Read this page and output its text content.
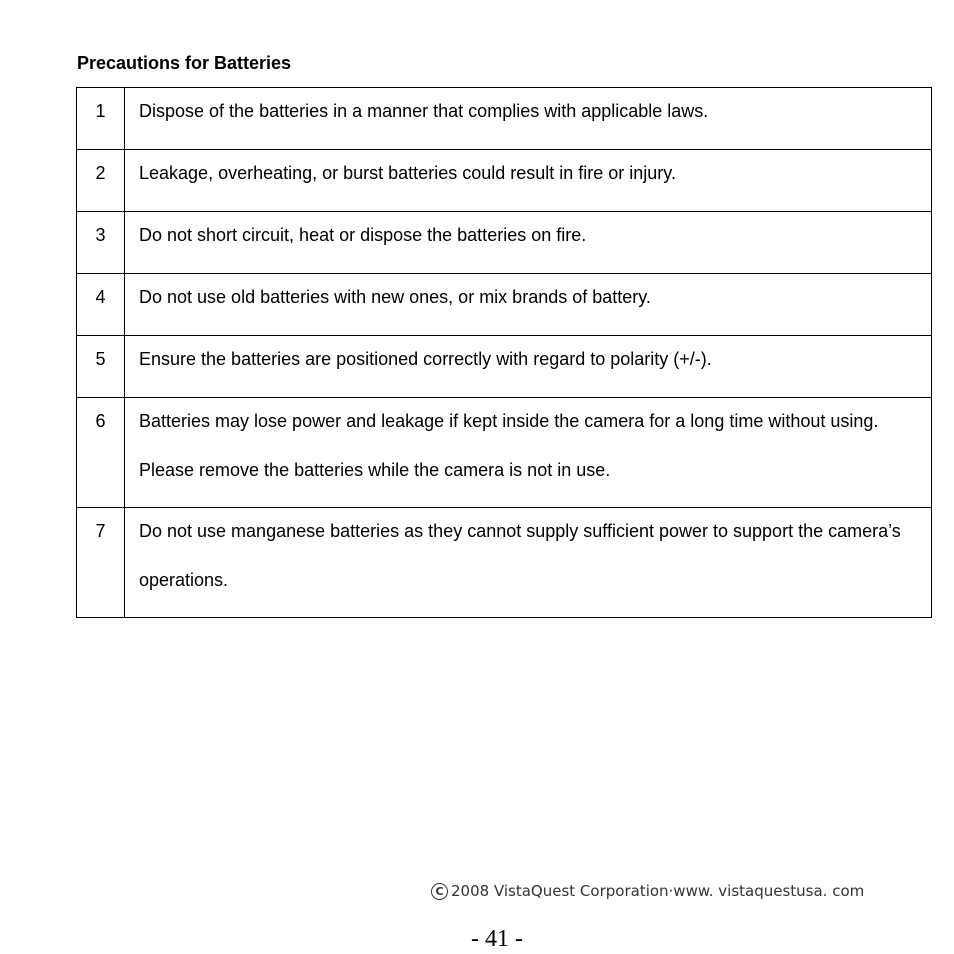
Precautions for Batteries
1	Dispose of the batteries in a manner that complies with applicable laws.
2	Leakage, overheating, or burst batteries could result in fire or injury.
3	Do not short circuit, heat or dispose the batteries on fire.
4	Do not use old batteries with new ones, or mix brands of battery.
5	Ensure the batteries are positioned correctly with regard to polarity (+/-).
6	Batteries may lose power and leakage if kept inside the camera for a long time without using. Please remove the batteries while the camera is not in use.

7	Do not use manganese batteries as they cannot supply sufficient power to support the camera’s operations.
C 2008 VistaQuest Corporation‧www. vistaquestusa. com
- 41 -
